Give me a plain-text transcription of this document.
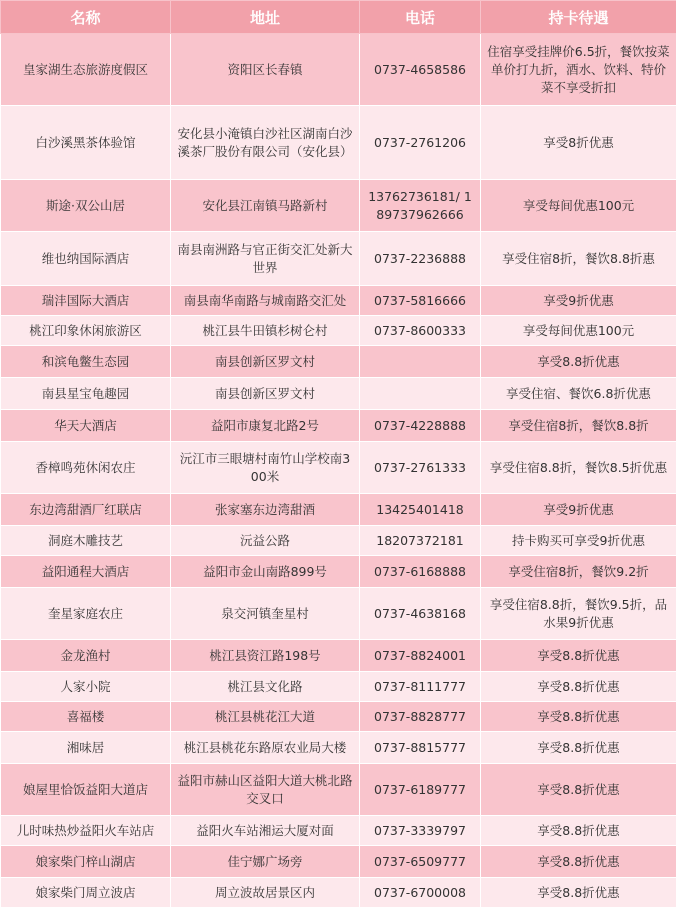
名称	地址	电话	持卡待遇
皇家湖生态旅游度假区	资阳区长春镇	0737-4658586	住宿享受挂牌价6.5折，餐饮按菜单价打九折，酒水、饮料、特价菜不享受折扣
白沙溪黑茶体验馆	安化县小淹镇白沙社区湖南白沙溪茶厂股份有限公司（安化县）	0737-2761206	享受8折优惠
斯途·双公山居	安化县江南镇马路新村	13762736181/ 18973796266​6	享受每间优惠100元
维也纳国际酒店	南县南洲路与官正街交汇处新大世界	0737-2236888	享受住宿8折，餐饮8.8折惠
瑞沣国际大酒店	南县南华南路与城南路交汇处	0737-5816666	享受9折优惠
桃江印象休闲旅游区	桃江县牛田镇杉树仑村	0737-8600333	享受每间优惠100元
和滨龟鳖生态园	南县创新区罗文村		享受8.8折优惠
南县星宝龟趣园	南县创新区罗文村		享受住宿、餐饮6.8折优惠
华天大酒店	益阳市康复北路2号	0737-4228888	享受住宿8折，餐饮8.8折
香樟鸣苑休闲农庄	沅江市三眼塘村南竹山学校南300米	0737-2761333	享受住宿8.8折，餐饮8.5折优惠
东边湾甜酒厂红联店	张家塞东边湾甜酒	13425401418	享受9折优惠
洞庭木雕技艺	沅益公路	18207372181	持卡购买可享受9折优惠
益阳通程大酒店	益阳市金山南路899号	0737-6168888	享受住宿8折，餐饮9.2折
奎星家庭农庄	泉交河镇奎星村	0737-4638168	享受住宿8.8折，餐饮9.5折，品水果9折优惠
金龙渔村	桃江县资江路198号	0737-8824001	享受8.8折优惠
人家小院	桃江县文化路	0737-8111777	享受8.8折优惠
喜福楼	桃江县桃花江大道	0737-8828777	享受8.8折优惠
湘味居	桃江县桃花东路原农业局大楼	0737-8815777	享受8.8折优惠
娘屋里恰饭益阳大道店	益阳市赫山区益阳大道大桃北路交叉口	0737-6189777	享受8.8折优惠
儿时味热炒益阳火车站店	益阳火车站湘运大厦对面	0737-3339797	享受8.8折优惠
娘家柴门梓山湖店	佳宁娜广场旁	0737-6509777	享受8.8折优惠
娘家柴门周立波店	周立波故居景区内	0737-6700008	享受8.8折优惠
